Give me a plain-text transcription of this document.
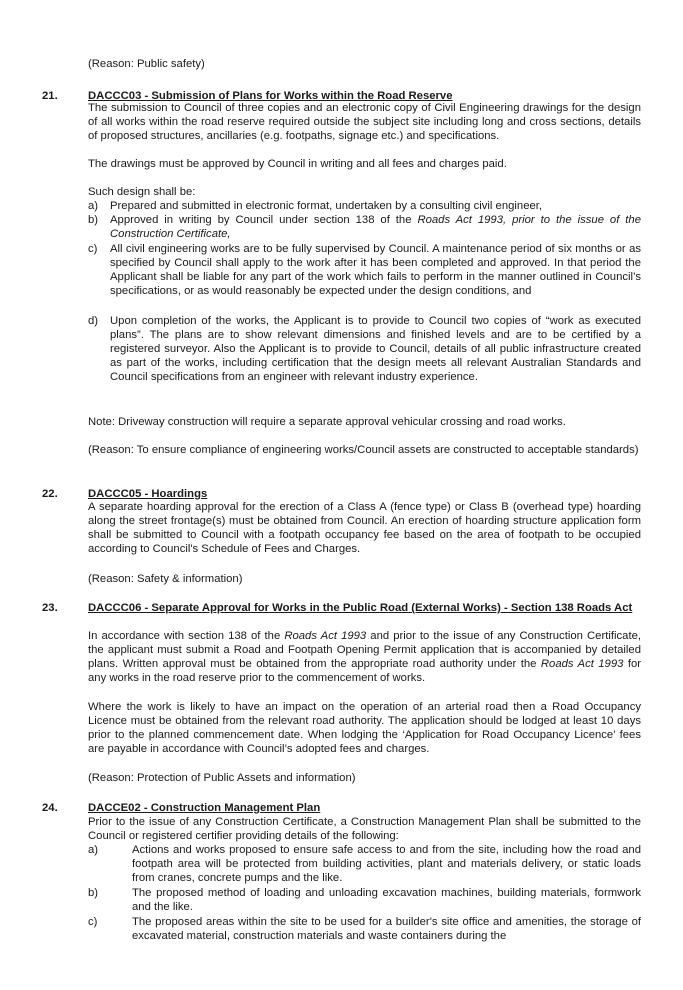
(Reason: Public safety)

21.	DACCC03 - Submission of Plans for Works within the Road Reserve

The submission to Council of three copies and an electronic copy of Civil Engineering drawings for the design of all works within the road reserve required outside the subject site including long and cross sections, details of proposed structures, ancillaries (e.g. footpaths, signage etc.) and specifications.

The drawings must be approved by Council in writing and all fees and charges paid.

Such design shall be:

a) Prepared and submitted in electronic format, undertaken by a consulting civil engineer,
b) Approved in writing by Council under section 138 of the Roads Act 1993, prior to the issue of the Construction Certificate,
c) All civil engineering works are to be fully supervised by Council. A maintenance period of six months or as specified by Council shall apply to the work after it has been completed and approved. In that period the Applicant shall be liable for any part of the work which fails to perform in the manner outlined in Council’s specifications, or as would reasonably be expected under the design conditions, and
d) Upon completion of the works, the Applicant is to provide to Council two copies of “work as executed plans”. The plans are to show relevant dimensions and finished levels and are to be certified by a registered surveyor. Also the Applicant is to provide to Council, details of all public infrastructure created as part of the works, including certification that the design meets all relevant Australian Standards and Council specifications from an engineer with relevant industry experience.

Note: Driveway construction will require a separate approval vehicular crossing and road works.

(Reason: To ensure compliance of engineering works/Council assets are constructed to acceptable standards)

22.	DACCC05 - Hoardings

A separate hoarding approval for the erection of a Class A (fence type) or Class B (overhead type) hoarding along the street frontage(s) must be obtained from Council. An erection of hoarding structure application form shall be submitted to Council with a footpath occupancy fee based on the area of footpath to be occupied according to Council's Schedule of Fees and Charges.

(Reason: Safety & information)

23.	DACCC06 - Separate Approval for Works in the Public Road (External Works) - Section 138 Roads Act

In accordance with section 138 of the Roads Act 1993 and prior to the issue of any Construction Certificate, the applicant must submit a Road and Footpath Opening Permit application that is accompanied by detailed plans. Written approval must be obtained from the appropriate road authority under the Roads Act 1993 for any works in the road reserve prior to the commencement of works.

Where the work is likely to have an impact on the operation of an arterial road then a Road Occupancy Licence must be obtained from the relevant road authority. The application should be lodged at least 10 days prior to the planned commencement date. When lodging the ‘Application for Road Occupancy Licence’ fees are payable in accordance with Council’s adopted fees and charges.

(Reason: Protection of Public Assets and information)

24.	DACCE02 - Construction Management Plan

Prior to the issue of any Construction Certificate, a Construction Management Plan shall be submitted to the Council or registered certifier providing details of the following:

a)	Actions and works proposed to ensure safe access to and from the site, including how the road and footpath area will be protected from building activities, plant and materials delivery, or static loads from cranes, concrete pumps and the like.
b)	The proposed method of loading and unloading excavation machines, building materials, formwork and the like.
c)	The proposed areas within the site to be used for a builder's site office and amenities, the storage of excavated material, construction materials and waste containers during the
